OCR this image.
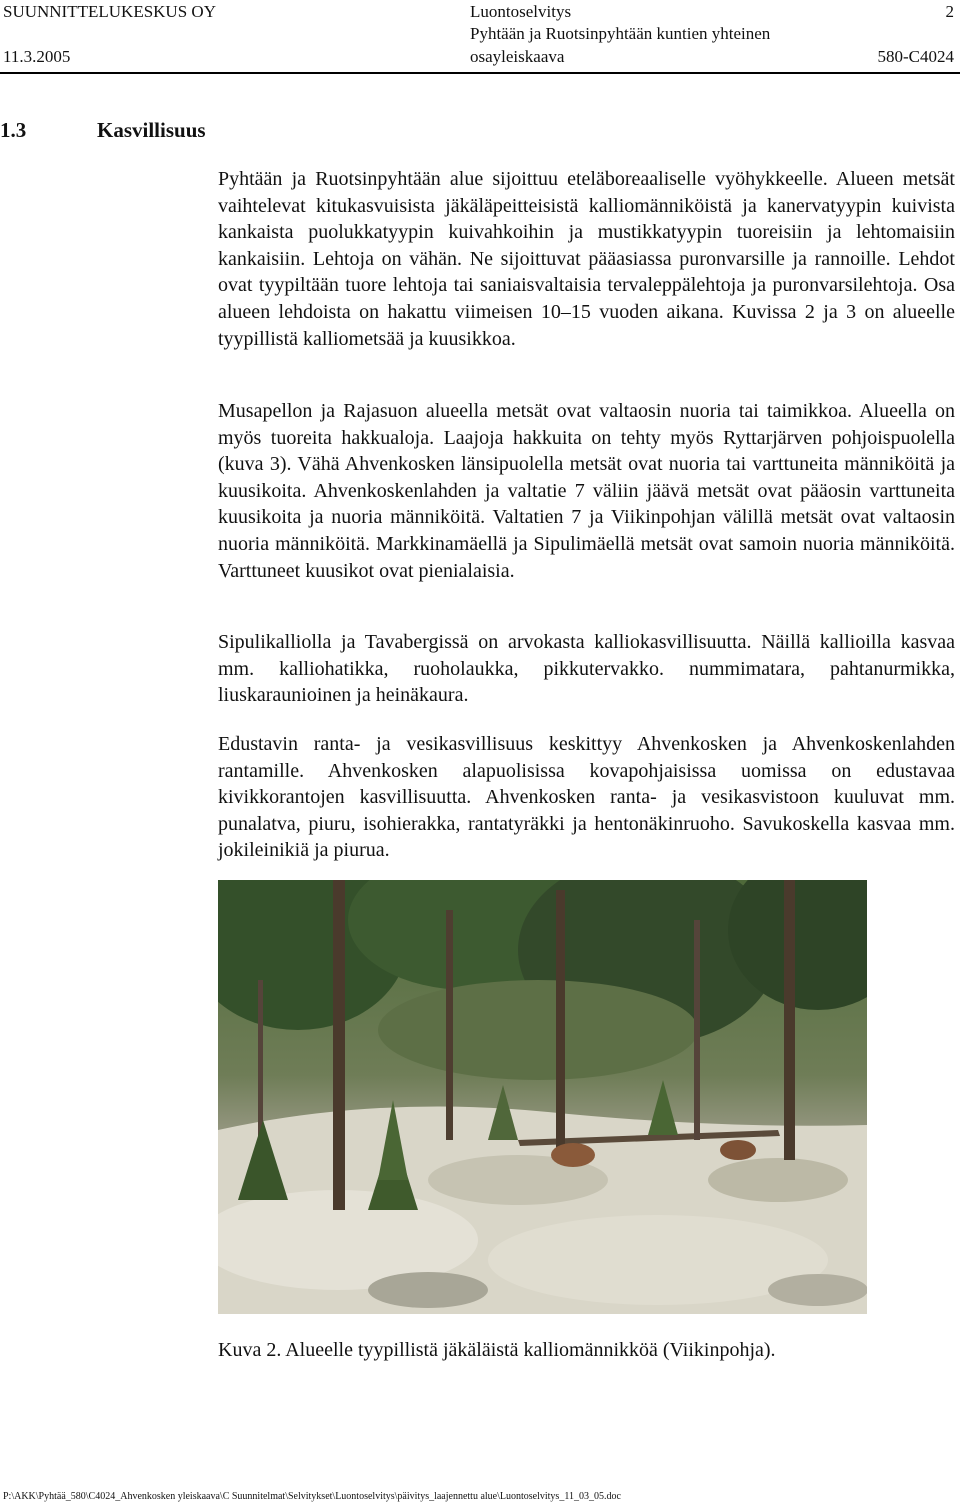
SUUNNITTELUKESKUS OY
11.3.2005
Luontoselvitys
Pyhtään ja Ruotsinpyhtään kuntien yhteinen
osayleiskaava
2
580-C4024
1.3	Kasvillisuus

Pyhtään ja Ruotsinpyhtään alue sijoittuu eteläboreaaliselle vyöhykkeelle. Alueen metsät vaihtelevat kitukasvuisista jäkäläpeitteisistä kalliomänniköistä ja kanervatyypin kuivista kankaista puolukkatyypin kuivahkoihin ja mustikkatyypin tuoreisiin ja lehtomaisiin kankaisiin. Lehtoja on vähän. Ne sijoittuvat pääasiassa puronvarsille ja rannoille. Lehdot ovat tyypiltään tuore lehtoja tai saniaisvaltaisia tervaleppälehtoja ja puronvarsilehtoja. Osa alueen lehdoista on hakattu viimeisen 10–15 vuoden aikana. Kuvissa 2 ja 3 on alueelle tyypillistä kalliometsää ja kuusikkoa.

Musapellon ja Rajasuon alueella metsät ovat valtaosin nuoria tai taimikkoa. Alueella on myös tuoreita hakkualoja. Laajoja hakkuita on tehty myös Ryttarjärven pohjoispuolella (kuva 3). Vähä Ahvenkosken länsipuolella metsät ovat nuoria tai varttuneita männiköitä ja kuusikoita. Ahvenkoskenlahden ja valtatie 7 väliin jäävä metsät ovat pääosin varttuneita kuusikoita ja nuoria männiköitä. Valtatien 7 ja Viikinpohjan välillä metsät ovat valtaosin nuoria männiköitä. Markkinamäellä ja Sipulimäellä metsät ovat samoin nuoria männiköitä. Varttuneet kuusikot ovat pienialaisia.

Sipulikalliolla ja Tavabergissä on arvokasta kalliokasvillisuutta. Näillä kallioilla kasvaa mm. kalliohatikka, ruoholaukka, pikkutervakko. nummimatara, pahtanurmikka, liuskaraunioinen ja heinäkaura.

Edustavin ranta- ja vesikasvillisuus keskittyy Ahvenkosken ja Ahvenkoskenlahden rantamille. Ahvenkosken alapuolisissa kovapohjaisissa uomissa on edustavaa kivikkorantojen kasvillisuutta. Ahvenkosken ranta- ja vesikasvistoon kuuluvat mm. punalatva, piuru, isohierakka, rantatyräkki ja hentonäkinruoho. Savukoskella kasvaa mm. jokileinikiä ja piurua.

Kuva 2. Alueelle tyypillistä jäkäläistä kalliomännikköä (Viikinpohja).
P:\AKK\Pyhtää_580\C4024_Ahvenkosken yleiskaava\C Suunnitelmat\Selvitykset\Luontoselvitys\päivitys_laajennettu alue\Luontoselvitys_11_03_05.doc
